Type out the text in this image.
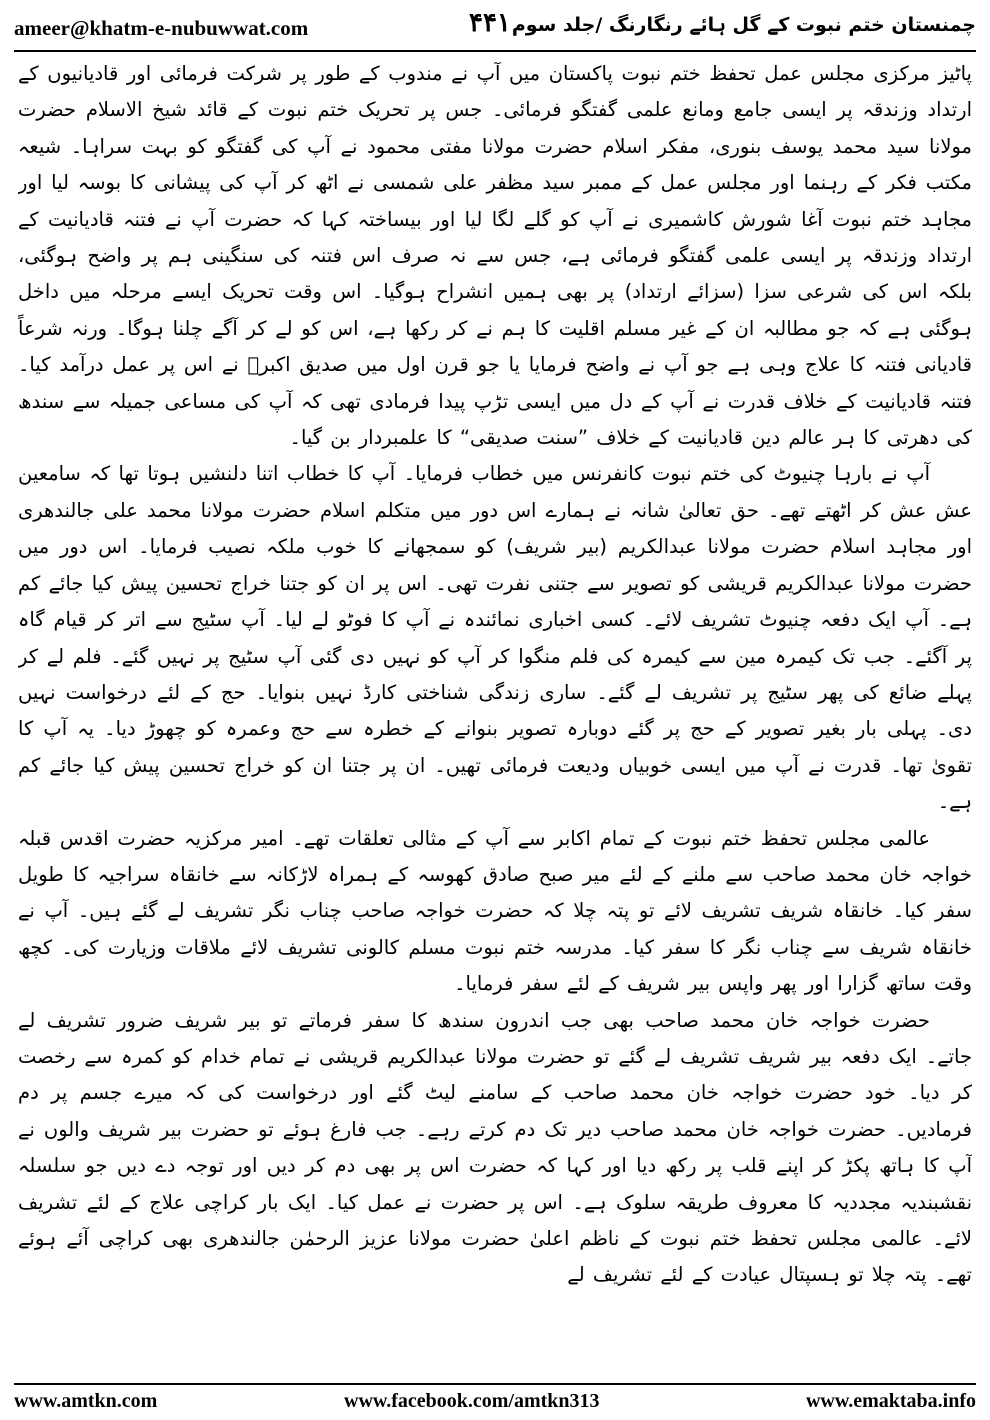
ameer@khatm-e-nubuwwat.com	۴۴۱ چمنستان ختم نبوت کے گل ہائے رنگارنگ /جلد سوم

پاٹیز مرکزی مجلس عمل تحفظ ختم نبوت پاکستان میں آپ نے مندوب کے طور پر شرکت فرمائی اور قادیانیوں کے ارتداد وزندقہ پر ایسی جامع ومانع علمی گفتگو فرمائی۔ جس پر تحریک ختم نبوت کے قائد شیخ الاسلام حضرت مولانا سید محمد یوسف بنوری، مفکر اسلام حضرت مولانا مفتی محمود نے آپ کی گفتگو کو بہت سراہا۔ شیعہ مکتب فکر کے رہنما اور مجلس عمل کے ممبر سید مظفر علی شمسی نے اٹھ کر آپ کی پیشانی کا بوسہ لیا اور مجاہد ختم نبوت آغا شورش کاشمیری نے آپ کو گلے لگا لیا اور بیساختہ کہا کہ حضرت آپ نے فتنہ قادیانیت کے ارتداد وزندقہ پر ایسی علمی گفتگو فرمائی ہے، جس سے نہ صرف اس فتنہ کی سنگینی ہم پر واضح ہوگئی، بلکہ اس کی شرعی سزا (سزائے ارتداد) پر بھی ہمیں انشراح ہوگیا۔ اس وقت تحریک ایسے مرحلہ میں داخل ہوگئی ہے کہ جو مطالبہ ان کے غیر مسلم اقلیت کا ہم نے کر رکھا ہے، اس کو لے کر آگے چلنا ہوگا۔ ورنہ شرعاً قادیانی فتنہ کا علاج وہی ہے جو آپ نے واضح فرمایا یا جو قرن اول میں صدیق اکبرؓ نے اس پر عمل درآمد کیا۔ فتنہ قادیانیت کے خلاف قدرت نے آپ کے دل میں ایسی تڑپ پیدا فرمادی تھی کہ آپ کی مساعی جمیلہ سے سندھ کی دھرتی کا ہر عالم دین قادیانیت کے خلاف ”سنت صدیقی“ کا علمبردار بن گیا۔

آپ نے بارہا چنیوٹ کی ختم نبوت کانفرنس میں خطاب فرمایا۔ آپ کا خطاب اتنا دلنشیں ہوتا تھا کہ سامعین عش عش کر اٹھتے تھے۔ حق تعالیٰ شانہ نے ہمارے اس دور میں متکلم اسلام حضرت مولانا محمد علی جالندھری اور مجاہد اسلام حضرت مولانا عبدالکریم (بیر شریف) کو سمجھانے کا خوب ملکہ نصیب فرمایا۔ اس دور میں حضرت مولانا عبدالکریم قریشی کو تصویر سے جتنی نفرت تھی۔ اس پر ان کو جتنا خراج تحسین پیش کیا جائے کم ہے۔ آپ ایک دفعہ چنیوٹ تشریف لائے۔ کسی اخباری نمائندہ نے آپ کا فوٹو لے لیا۔ آپ سٹیج سے اتر کر قیام گاہ پر آگئے۔ جب تک کیمرہ مین سے کیمرہ کی فلم منگوا کر آپ کو نہیں دی گئی آپ سٹیج پر نہیں گئے۔ فلم لے کر پہلے ضائع کی پھر سٹیج پر تشریف لے گئے۔ ساری زندگی شناختی کارڈ نہیں بنوایا۔ حج کے لئے درخواست نہیں دی۔ پہلی بار بغیر تصویر کے حج پر گئے دوبارہ تصویر بنوانے کے خطرہ سے حج وعمرہ کو چھوڑ دیا۔ یہ آپ کا تقویٰ تھا۔ قدرت نے آپ میں ایسی خوبیاں ودیعت فرمائی تھیں۔ ان پر جتنا ان کو خراج تحسین پیش کیا جائے کم ہے۔

عالمی مجلس تحفظ ختم نبوت کے تمام اکابر سے آپ کے مثالی تعلقات تھے۔ امیر مرکزیہ حضرت اقدس قبلہ خواجہ خان محمد صاحب سے ملنے کے لئے میر صبح صادق کھوسہ کے ہمراہ لاڑکانہ سے خانقاہ سراجیہ کا طویل سفر کیا۔ خانقاہ شریف تشریف لائے تو پتہ چلا کہ حضرت خواجہ صاحب چناب نگر تشریف لے گئے ہیں۔ آپ نے خانقاہ شریف سے چناب نگر کا سفر کیا۔ مدرسہ ختم نبوت مسلم کالونی تشریف لائے ملاقات وزیارت کی۔ کچھ وقت ساتھ گزارا اور پھر واپس بیر شریف کے لئے سفر فرمایا۔

حضرت خواجہ خان محمد صاحب بھی جب اندرون سندھ کا سفر فرماتے تو بیر شریف ضرور تشریف لے جاتے۔ ایک دفعہ بیر شریف تشریف لے گئے تو حضرت مولانا عبدالکریم قریشی نے تمام خدام کو کمرہ سے رخصت کر دیا۔ خود حضرت خواجہ خان محمد صاحب کے سامنے لیٹ گئے اور درخواست کی کہ میرے جسم پر دم فرمادیں۔ حضرت خواجہ خان محمد صاحب دیر تک دم کرتے رہے۔ جب فارغ ہوئے تو حضرت بیر شریف والوں نے آپ کا ہاتھ پکڑ کر اپنے قلب پر رکھ دیا اور کہا کہ حضرت اس پر بھی دم کر دیں اور توجہ دے دیں جو سلسلہ نقشبندیہ مجددیہ کا معروف طریقہ سلوک ہے۔ اس پر حضرت نے عمل کیا۔ ایک بار کراچی علاج کے لئے تشریف لائے۔ عالمی مجلس تحفظ ختم نبوت کے ناظم اعلیٰ حضرت مولانا عزیز الرحمٰن جالندھری بھی کراچی آئے ہوئے تھے۔ پتہ چلا تو ہسپتال عیادت کے لئے تشریف لے

www.amtkn.com	www.facebook.com/amtkn313	www.emaktaba.info
